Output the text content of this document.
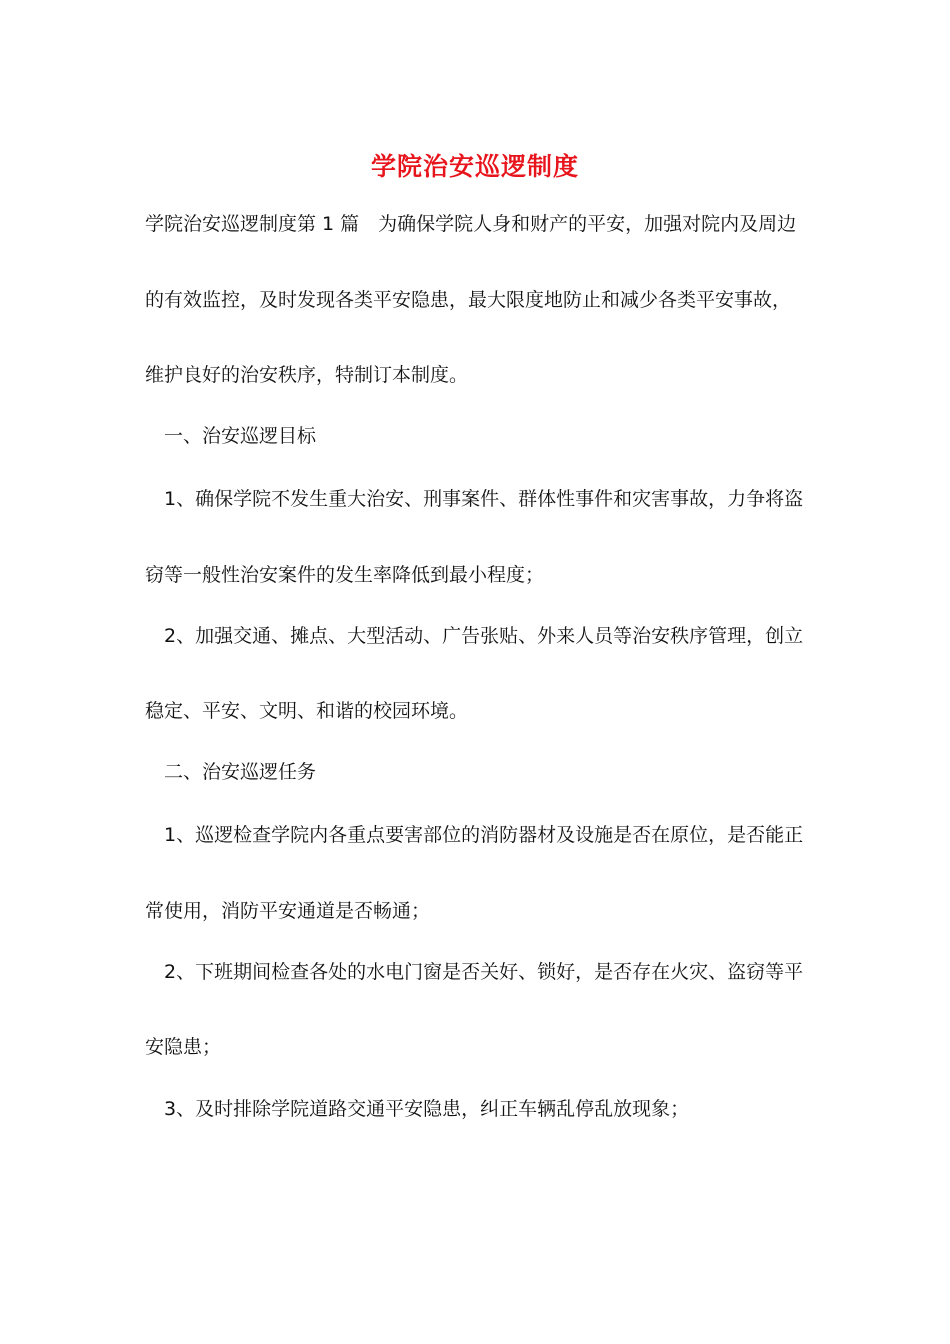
学院治安巡逻制度
学院治安巡逻制度第 1 篇　为确保学院人身和财产的平安，加强对院内及周边
的有效监控，及时发现各类平安隐患，最大限度地防止和减少各类平安事故，
维护良好的治安秩序，特制订本制度。
一、治安巡逻目标
1、确保学院不发生重大治安、刑事案件、群体性事件和灾害事故，力争将盗
窃等一般性治安案件的发生率降低到最小程度；
2、加强交通、摊点、大型活动、广告张贴、外来人员等治安秩序管理，创立
稳定、平安、文明、和谐的校园环境。
二、治安巡逻任务
1、巡逻检查学院内各重点要害部位的消防器材及设施是否在原位，是否能正
常使用，消防平安通道是否畅通；
2、下班期间检查各处的水电门窗是否关好、锁好，是否存在火灾、盗窃等平
安隐患；
3、及时排除学院道路交通平安隐患，纠正车辆乱停乱放现象；
